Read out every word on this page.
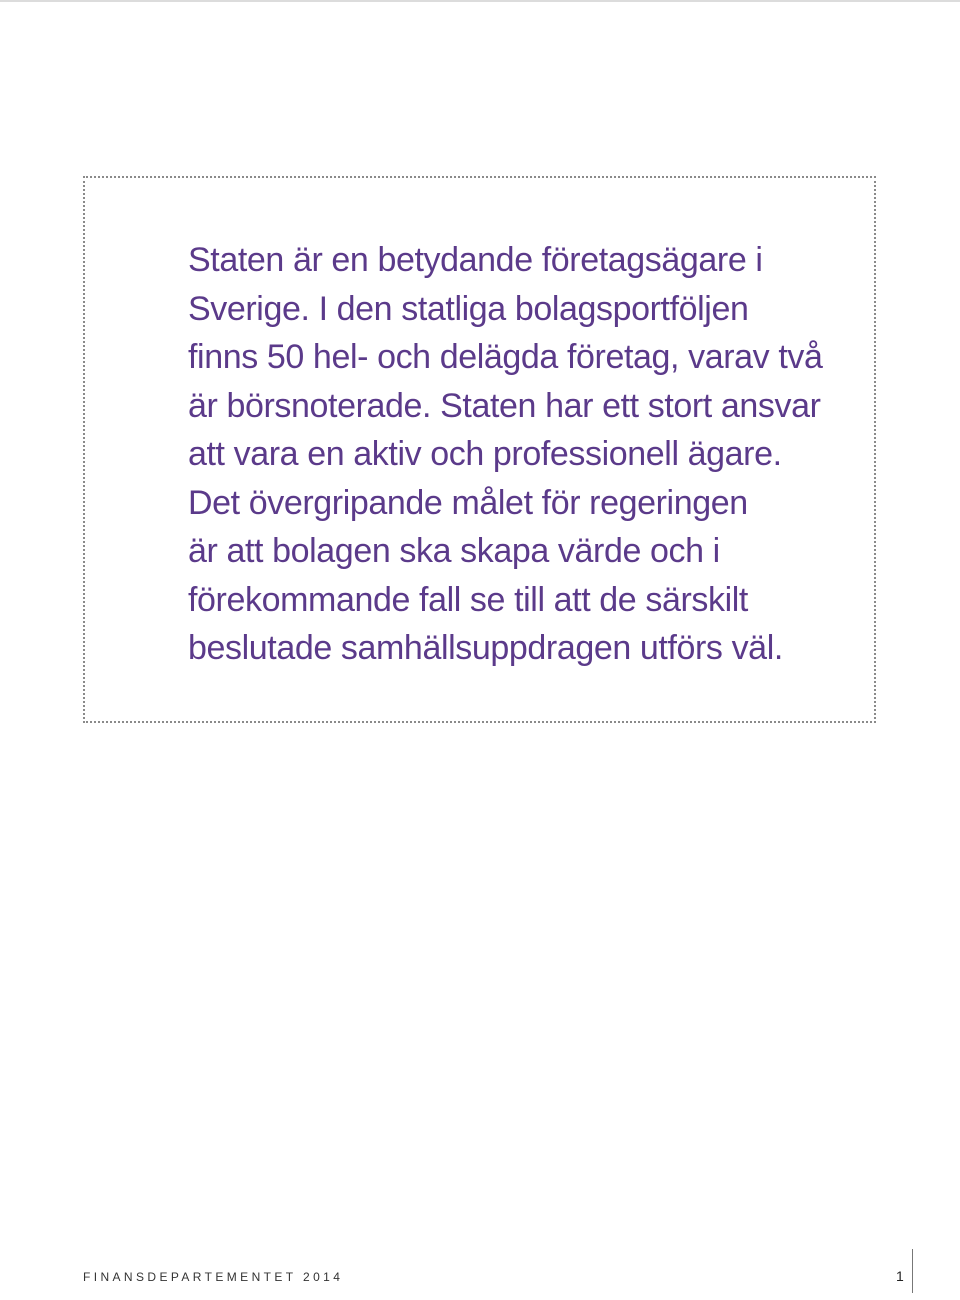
Staten är en betydande företagsägare i
Sverige. I den statliga bolagsportföljen
finns 50 hel- och delägda företag, varav två
är börsnoterade. Staten har ett stort ansvar
att vara en aktiv och professionell ägare.
Det övergripande målet för regeringen
är att bolagen ska skapa värde och i
förekommande fall se till att de särskilt
beslutade samhällsuppdragen utförs väl.
FINANSDEPARTEMENTET 2014	1
